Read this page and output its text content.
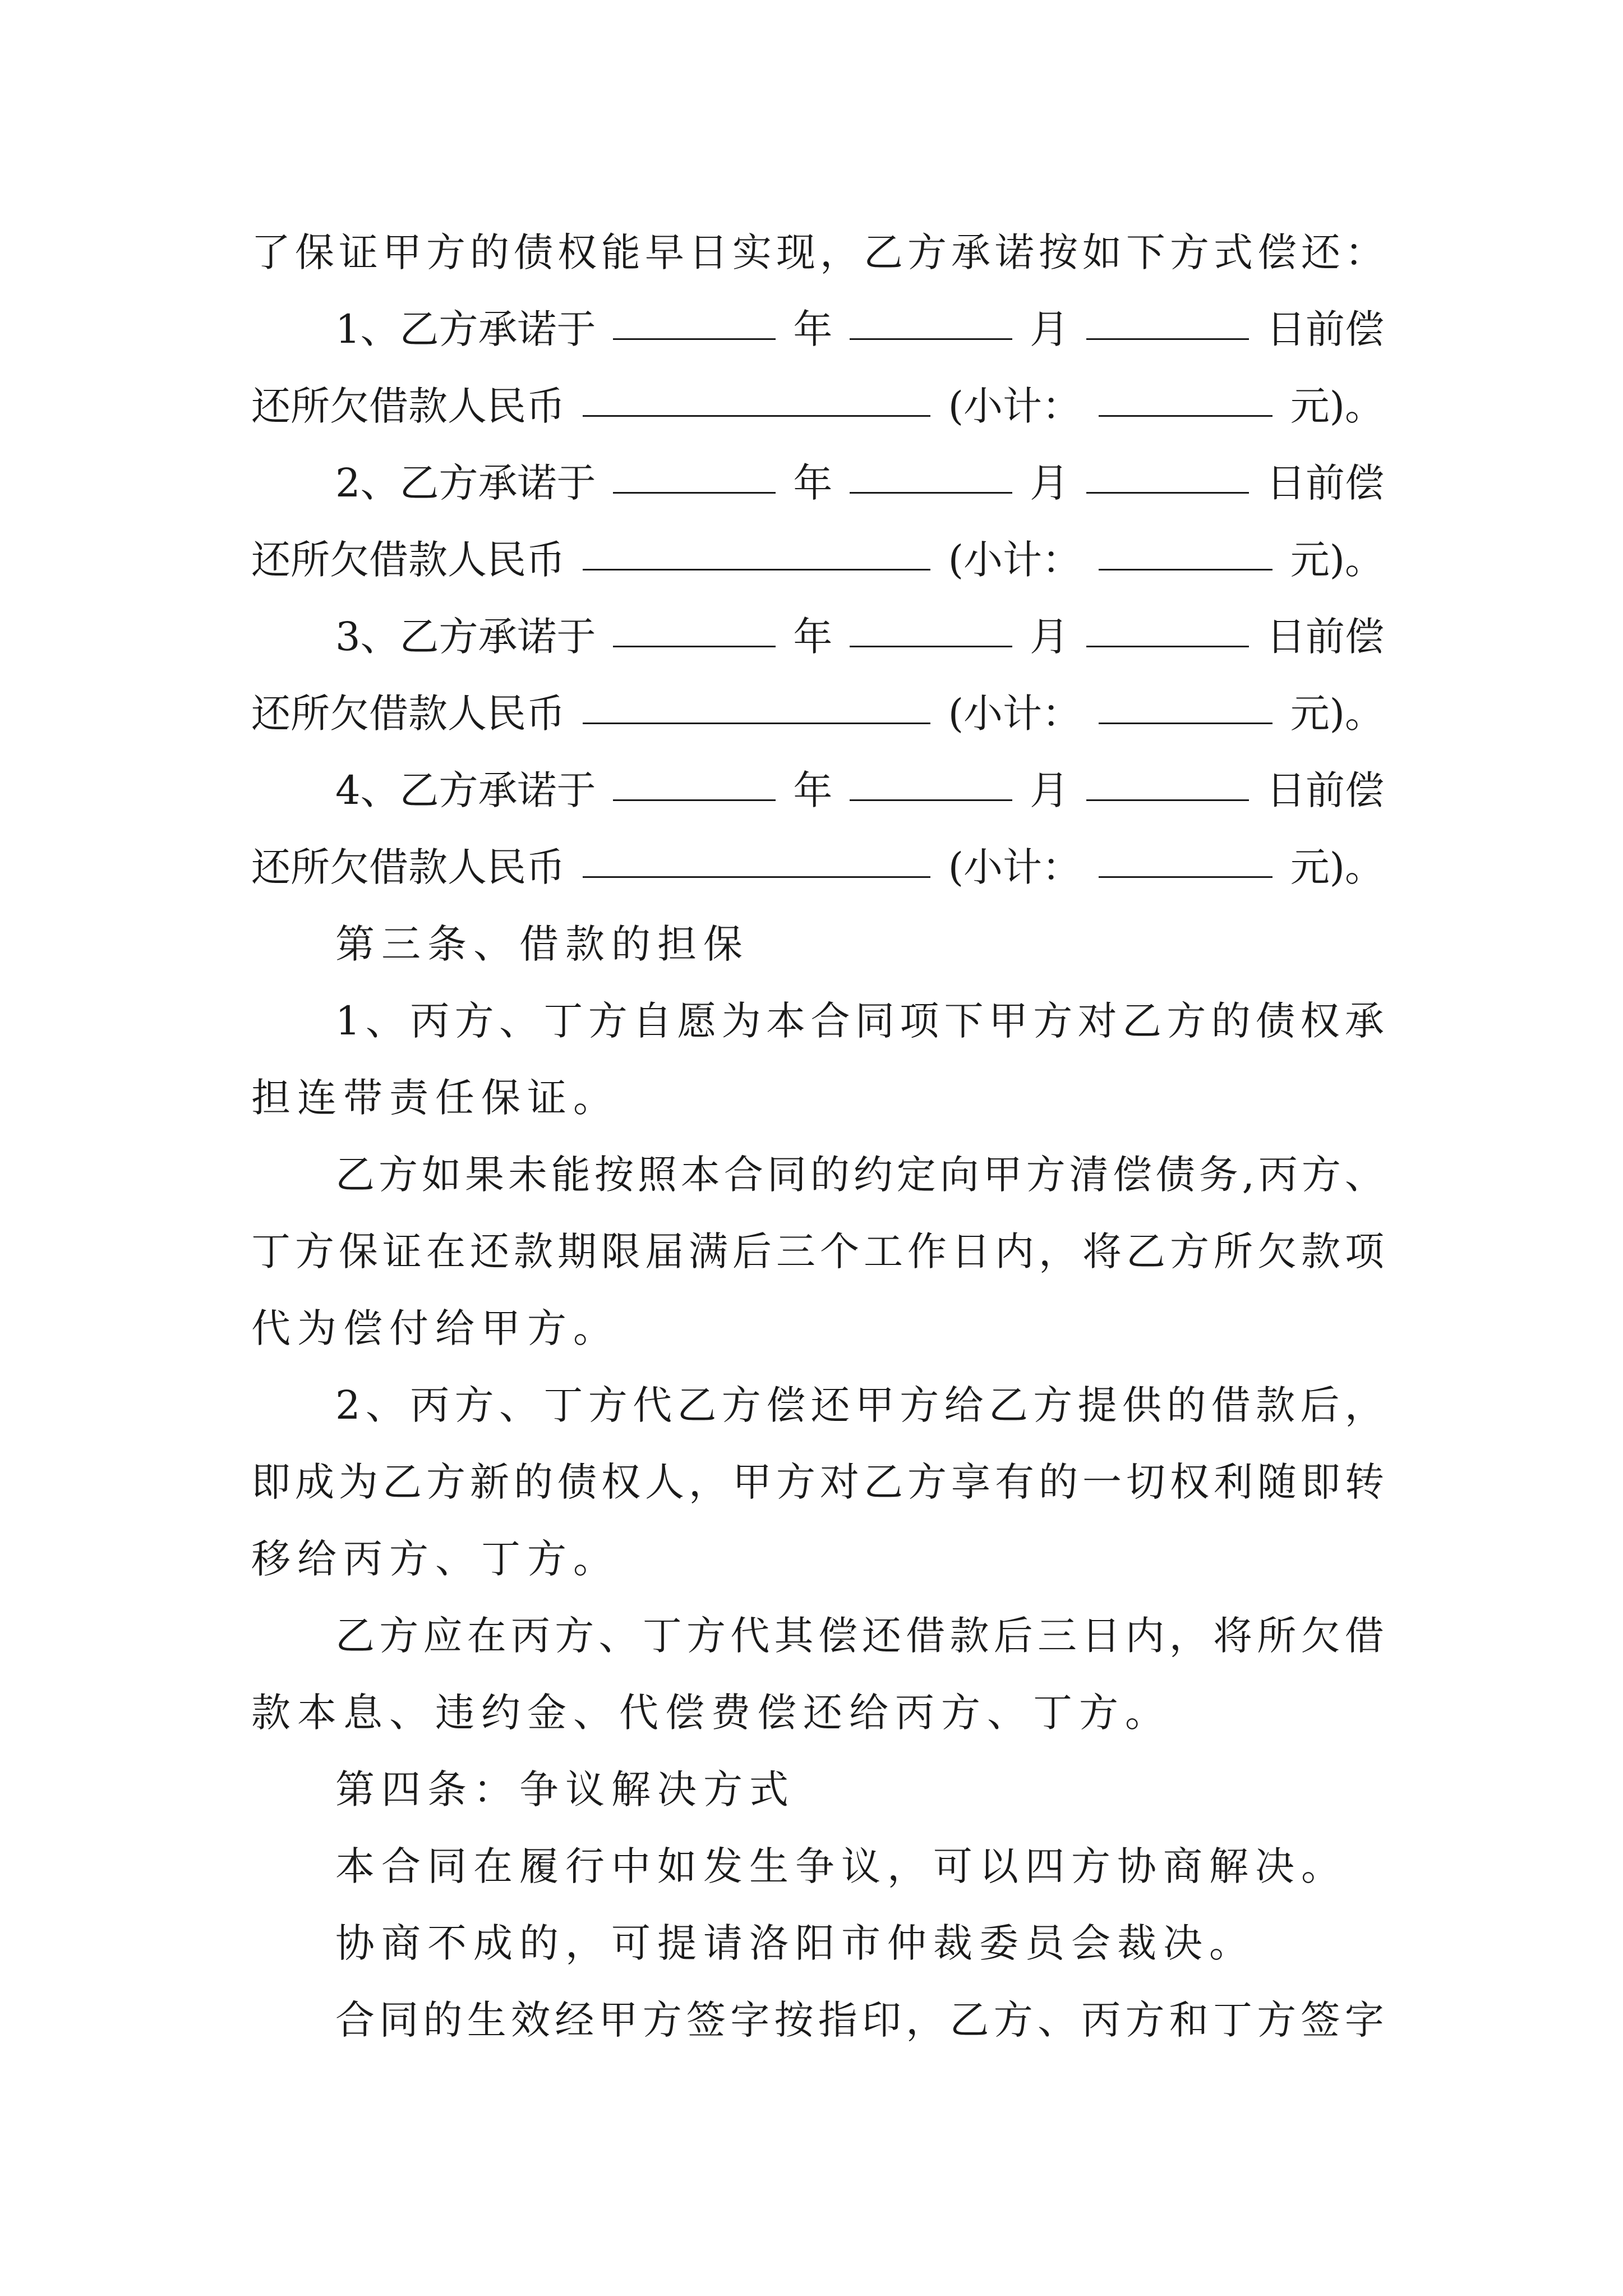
了 保 证 甲 方 的 债 权 能 早 日 实 现 ， 乙 方 承 诺 按 如 下 方 式 偿 还 ：
1、乙方承诺于	年	月	日前偿
还所欠借款人民币	(小计：	元)。
2、乙方承诺于	年	月	日前偿
还所欠借款人民币	(小计：	元)。
3、乙方承诺于	年	月	日前偿
还所欠借款人民币	(小计：	元)。
4、乙方承诺于	年	月	日前偿
还所欠借款人民币	(小计：	元)。
第三条、借款的担保
1 、 丙 方 、 丁 方 自 愿 为 本 合 同 项 下 甲 方 对 乙 方 的 债 权 承
担连带责任保证。
乙 方 如 果 未 能 按 照 本 合 同 的 约 定 向 甲 方 清 偿 债 务 , 丙 方 、
丁 方 保 证 在 还 款 期 限 届 满 后 三 个 工 作 日 内 ， 将 乙 方 所 欠 款 项
代为偿付给甲方。
2 、 丙 方 、 丁 方 代 乙 方 偿 还 甲 方 给 乙 方 提 供 的 借 款 后 ，
即 成 为 乙 方 新 的 债 权 人 ， 甲 方 对 乙 方 享 有 的 一 切 权 利 随 即 转
移给丙方、丁方。
乙 方 应 在 丙 方 、 丁 方 代 其 偿 还 借 款 后 三 日 内 ， 将 所 欠 借
款本息、违约金、代偿费偿还给丙方、丁方。
第四条：争议解决方式
本合同在履行中如发生争议，可以四方协商解决。
协商不成的，可提请洛阳市仲裁委员会裁决。
合 同 的 生 效 经 甲 方 签 字 按 指 印 ， 乙 方 、 丙 方 和 丁 方 签 字
